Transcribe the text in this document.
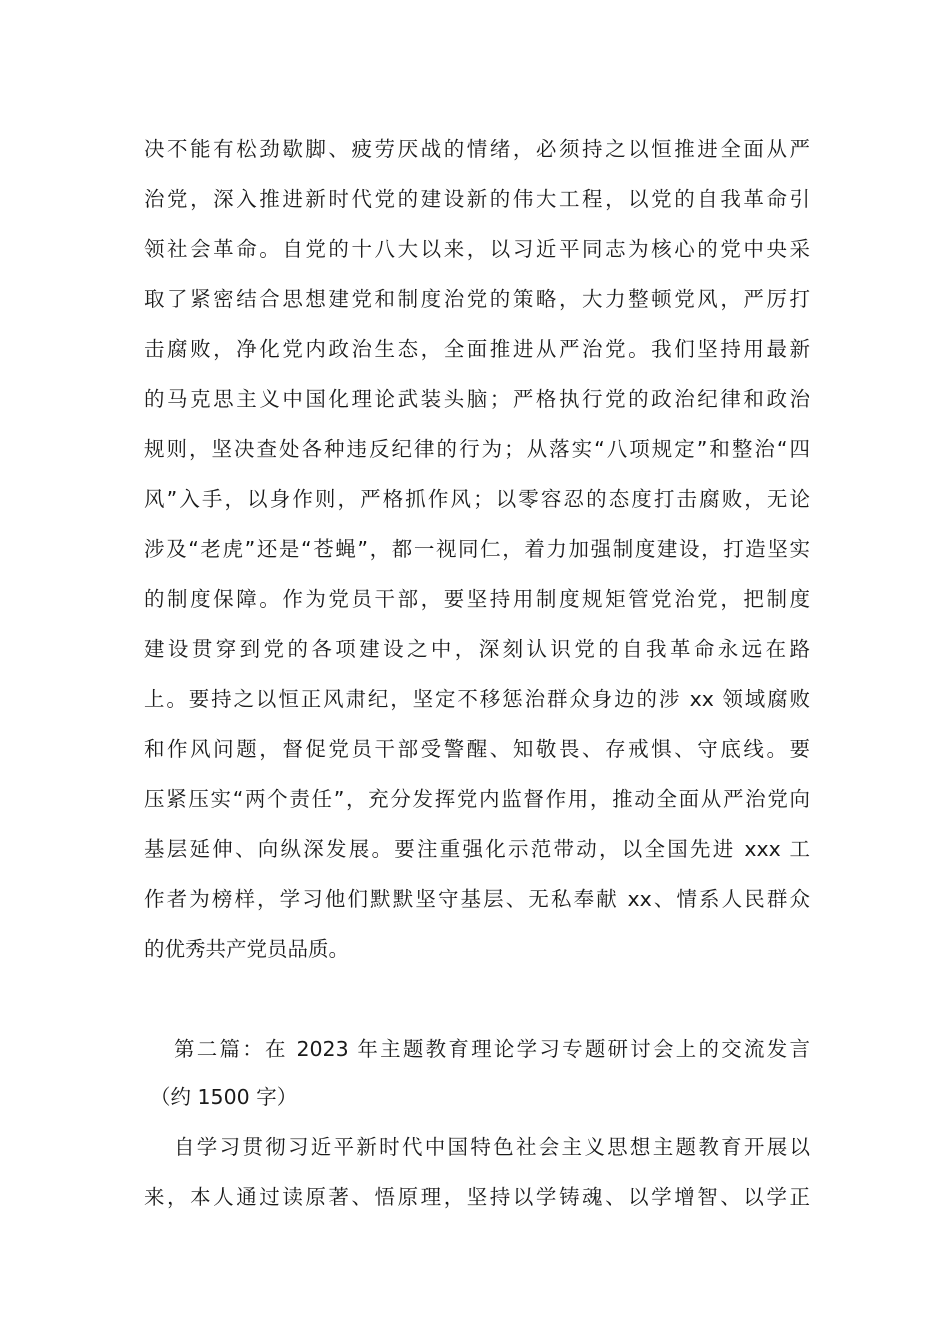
决不能有松劲歇脚、疲劳厌战的情绪，必须持之以恒推进全面从严
治党，深入推进新时代党的建设新的伟大工程，以党的自我革命引
领社会革命。自党的十八大以来，以习近平同志为核心的党中央采
取了紧密结合思想建党和制度治党的策略，大力整顿党风，严厉打
击腐败，净化党内政治生态，全面推进从严治党。我们坚持用最新
的马克思主义中国化理论武装头脑；严格执行党的政治纪律和政治
规则，坚决查处各种违反纪律的行为；从落实“八项规定”和整治“四
风”入手，以身作则，严格抓作风；以零容忍的态度打击腐败，无论
涉及“老虎”还是“苍蝇”，都一视同仁，着力加强制度建设，打造坚实
的制度保障。作为党员干部，要坚持用制度规矩管党治党，把制度
建设贯穿到党的各项建设之中，深刻认识党的自我革命永远在路
上。要持之以恒正风肃纪，坚定不移惩治群众身边的涉 xx 领域腐败
和作风问题，督促党员干部受警醒、知敬畏、存戒惧、守底线。要
压紧压实“两个责任”，充分发挥党内监督作用，推动全面从严治党向
基层延伸、向纵深发展。要注重强化示范带动，以全国先进 xxx 工
作者为榜样，学习他们默默坚守基层、无私奉献 xx、情系人民群众
的优秀共产党员品质。
第二篇：在 2023 年主题教育理论学习专题研讨会上的交流发言
（约 1500 字）
自学习贯彻习近平新时代中国特色社会主义思想主题教育开展以
来，本人通过读原著、悟原理，坚持以学铸魂、以学增智、以学正
